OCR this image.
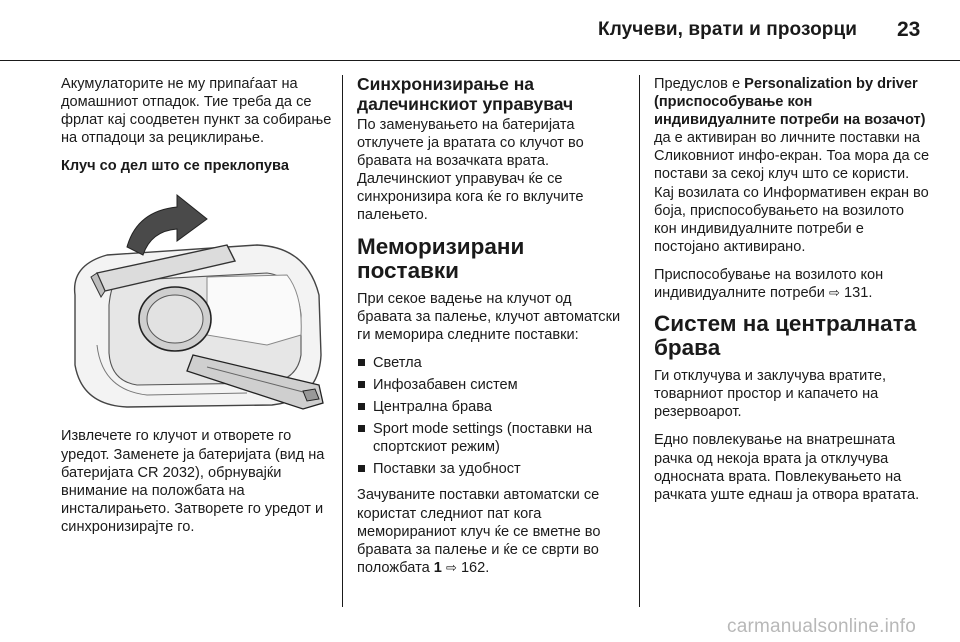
Клучеви, врати и прозорци 23

Акумулаторите не му припаѓаат на домашниот отпадок. Тие треба да се фрлат кај соодветен пункт за собирање на отпадоци за рециклирање.

Клуч со дел што се преклопува

Извлечете го клучот и отворете го уредот. Заменете ја батеријата (вид на батеријата CR 2032), обрнувајќи внимание на положбата на инсталирањето. Затворете го уредот и синхронизирајте го.

Синхронизирање на далечинскиот управувач

По заменувањето на батеријата отклучете ја вратата со клучот во бравата на возачката врата. Далечинскиот управувач ќе се синхронизира кога ќе го вклучите палењето.

Меморизирани поставки

При секое вадење на клучот од бравата за палење, клучот автоматски ги меморира следните поставки:

Светла
Инфозабавен систем
Централна брава
Sport mode settings (поставки на спортскиот режим)
Поставки за удобност

Зачуваните поставки автоматски се користат следниот пат кога меморираниот клуч ќе се вметне во бравата за палење и ќе се сврти во положбата 1 ⇨ 162.

Предуслов е Personalization by driver (приспособување кон индивидуалните потреби на возачот) да е активиран во личните поставки на Сликовниот инфо-екран. Тоа мора да се постави за секој клуч што се користи. Кај возилата со Информативен екран во боја, приспособувањето на возилото кон индивидуалните потреби е постојано активирано.

Приспособување на возилото кон индивидуалните потреби ⇨ 131.

Систем на централната брава

Ги отклучува и заклучува вратите, товарниот простор и капачето на резервоарот.

Едно повлекување на внатрешната рачка од некоја врата ја отклучува односната врата. Повлекувањето на рачката уште еднаш ја отвора вратата.

carmanualsonline.info
